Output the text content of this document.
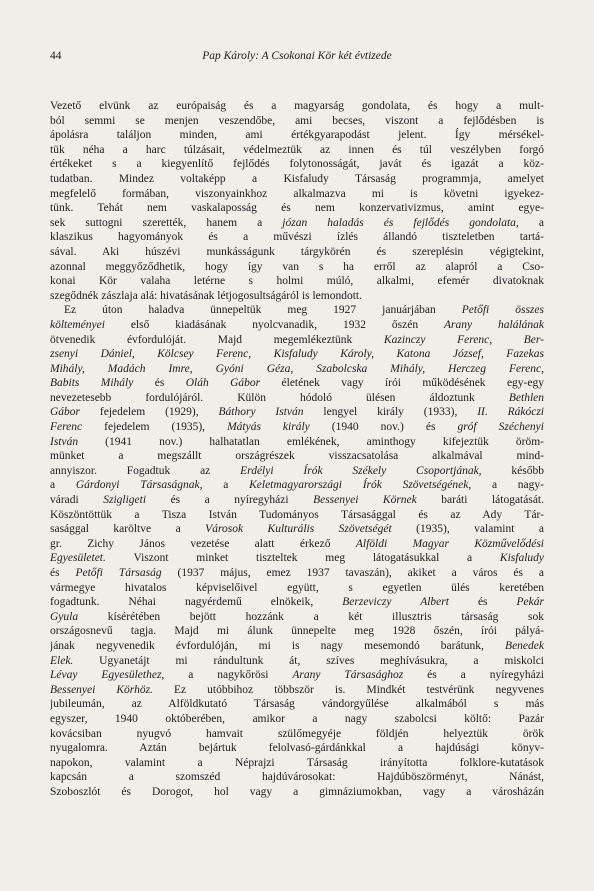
44	Pap Károly: A Csokonai Kör két évtizede
Vezető elvünk az európaiság és a magyarság gondolata, és hogy a mult-
ból semmi se menjen veszendőbe, ami becses, viszont a fejlődésben is
ápolásra találjon minden, ami értékgyarapodást jelent. Így mérsékel-
tük néha a harc túlzásait, védelmeztük az innen és túl veszélyben forgó
értékeket s a kiegyenlítő fejlődés folytonosságát, javát és igazát a köz-
tudatban. Mindez voltaképp a Kisfaludy Társaság programmja, amelyet
megfelelő formában, viszonyainkhoz alkalmazva mi is követni igyekez-
tünk. Tehát nem vaskalaposság és nem konzervativizmus, amint egye-
sek suttogni szerették, hanem a józan haladás és fejlődés gondolata, a
klaszikus hagyományok és a művészi ízlés állandó tiszteletben tartá-
sával. Aki húszévi munkásságunk tárgykörén és szereplésin végigtekint,
azonnal meggyőződhetik, hogy így van s ha erről az alapról a Cso-
konai Kör valaha letérne s holmi múló, alkalmi, efemér divatoknak
szegődnék zászlaja alá: hivatásának létjogosultságáról is lemondott.
Ez úton haladva ünnepeltük meg 1927 januárjában Petőfi összes
költeményei első kiadásának nyolcvanadik, 1932 őszén Arany halálának
ötvenedik évfordulóját. Majd megemlékeztünk Kazinczy Ferenc, Ber-
zsenyi Dániel, Kölcsey Ferenc, Kisfaludy Károly, Katona József, Fazekas
Mihály, Madách Imre, Gyóni Géza, Szabolcska Mihály, Herczeg Ferenc,
Babits Mihály és Oláh Gábor életének vagy írói működésének egy-egy
nevezetesebb fordulójáról. Külön hódoló ülésen áldoztunk Bethlen
Gábor fejedelem (1929), Báthory István lengyel király (1933), II. Rákóczi
Ferenc fejedelem (1935), Mátyás király (1940 nov.) és gróf Széchenyi
István (1941 nov.) halhatatlan emlékének, aminthogy kifejeztük öröm-
münket a megszállt országrészek visszacsatolása alkalmával mind-
annyiszor. Fogadtuk az Erdélyi Írók Székely Csoportjának, később
a Gárdonyi Társaságnak, a Keletmagyarországi Írók Szövetségének, a nagy-
váradi Szigligeti és a nyíregyházi Bessenyei Körnek baráti látogatását.
Köszöntöttük a Tisza István Tudományos Társasággal és az Ady Tár-
sasággal karöltve a Városok Kulturális Szövetségét (1935), valamint a
gr. Zichy János vezetése alatt érkező Alföldi Magyar Közművelődési
Egyesületet. Viszont minket tiszteltek meg látogatásukkal a Kisfaludy
és Petőfi Társaság (1937 május, emez 1937 tavaszán), akiket a város és a
vármegye hivatalos képviselőivel együtt, s egyetlen ülés keretében
fogadtunk. Néhai nagyérdemű elnökeik, Berzeviczy Albert és Pekár
Gyula kísérétében bejött hozzánk a két illusztris társaság sok
országosnevű tagja. Majd mi álunk ünnepelte meg 1928 őszén, írói pályá-
jának negyvenedik évfordulóján, mi is nagy mesemondó barátunk, Benedek
Elek. Ugyanetájt mi rándultunk át, szíves meghívásukra, a miskolci
Lévay Egyesülethez, a nagykőrösi Arany Társasághoz és a nyíregyházi
Bessenyei Körhöz. Ez utóbbihoz többször is. Mindkét testvérünk negyvenes
jubileumán, az Alföldkutató Társaság vándorgyűlése alkalmából s más
egyszer, 1940 októberében, amikor a nagy szabolcsi költő: Pazár
kovácsiban nyugvó hamvait szülőmegyéje földjén helyeztük örök
nyugalomra. Aztán bejártuk felolvasó-gárdánkkal a hajdúsági könyv-
napokon, valamint a Néprajzi Társaság irányította folklore-kutatások
kapcsán a szomszéd hajdúvárosokat: Hajdúböszörményt, Nánást,
Szoboszlót és Dorogot, hol vagy a gimnáziumokban, vagy a városházán
